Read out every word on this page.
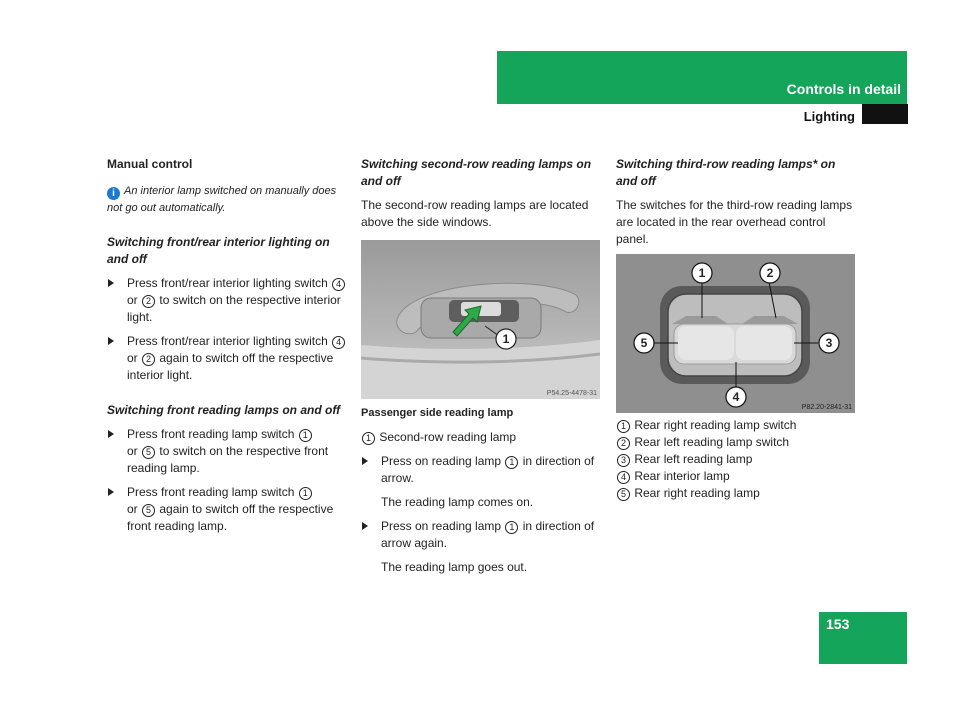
Controls in detail
Lighting
Manual control
i An interior lamp switched on manually does not go out automatically.
Switching front/rear interior lighting on and off
Press front/rear interior lighting switch 4 or 2 to switch on the respective interior light.
Press front/rear interior lighting switch 4 or 2 again to switch off the respective interior light.
Switching front reading lamps on and off
Press front reading lamp switch 1
or 5 to switch on the respective front reading lamp.
Press front reading lamp switch 1
or 5 again to switch off the respective front reading lamp.
Switching second-row reading lamps on and off
The second-row reading lamps are located above the side windows.
1
P54.25-4478-31
Passenger side reading lamp
1 Second-row reading lamp
Press on reading lamp 1 in direction of arrow.
The reading lamp comes on.
Press on reading lamp 1 in direction of arrow again.
The reading lamp goes out.
Switching third-row reading lamps* on and off
The switches for the third-row reading lamps are located in the rear overhead control panel.
1	2
3
4
5
P82.20-2841-31
1 Rear right reading lamp switch
2 Rear left reading lamp switch
3 Rear left reading lamp
4 Rear interior lamp
5 Rear right reading lamp
153
